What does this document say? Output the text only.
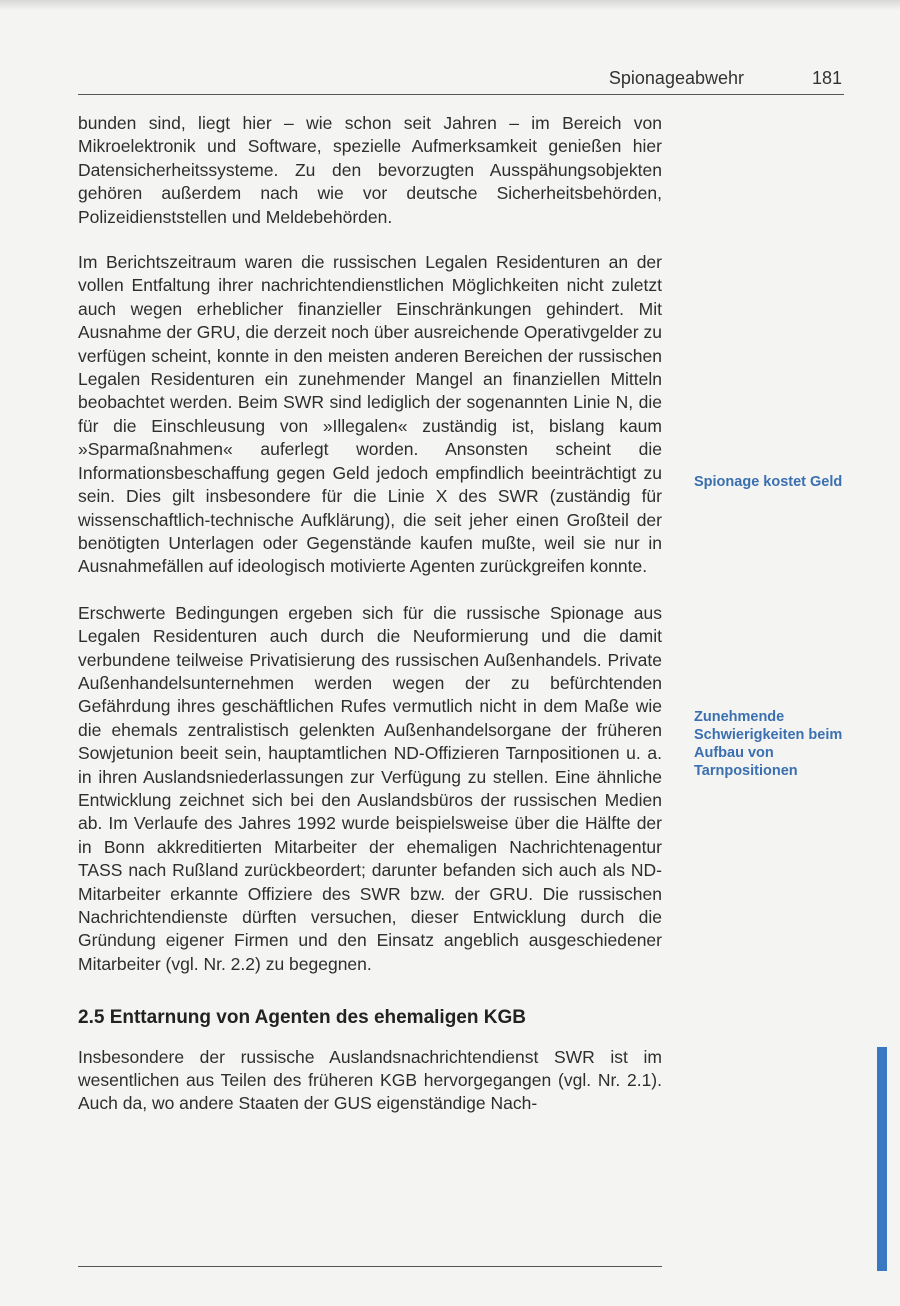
Spionageabwehr	181

bunden sind, liegt hier – wie schon seit Jahren – im Bereich von Mikroelektronik und Software, spezielle Aufmerksamkeit genießen hier Datensicherheitssysteme. Zu den bevorzugten Ausspähungsobjekten gehören außerdem nach wie vor deutsche Sicherheitsbehörden, Polizeidienststellen und Meldebehörden.

Im Berichtszeitraum waren die russischen Legalen Residenturen an der vollen Entfaltung ihrer nachrichtendienstlichen Möglichkeiten nicht zuletzt auch wegen erheblicher finanzieller Einschränkungen gehindert. Mit Ausnahme der GRU, die derzeit noch über ausreichende Operativgelder zu verfügen scheint, konnte in den meisten anderen Bereichen der russischen Legalen Residenturen ein zunehmender Mangel an finanziellen Mitteln beobachtet werden. Beim SWR sind lediglich der sogenannten Linie N, die für die Einschleusung von »Illegalen« zuständig ist, bislang kaum »Sparmaßnahmen« auferlegt worden. Ansonsten scheint die Informationsbeschaffung gegen Geld jedoch empfindlich beeinträchtigt zu sein. Dies gilt insbesondere für die Linie X des SWR (zuständig für wissenschaftlich-technische Aufklärung), die seit jeher einen Großteil der benötigten Unterlagen oder Gegenstände kaufen mußte, weil sie nur in Ausnahmefällen auf ideologisch motivierte Agenten zurückgreifen konnte.

Erschwerte Bedingungen ergeben sich für die russische Spionage aus Legalen Residenturen auch durch die Neuformierung und die damit verbundene teilweise Privatisierung des russischen Außenhandels. Private Außenhandelsunternehmen werden wegen der zu befürchtenden Gefährdung ihres geschäftlichen Rufes vermutlich nicht in dem Maße wie die ehemals zentralistisch gelenkten Außenhandelsorgane der früheren Sowjetunion beeit sein, hauptamtlichen ND-Offizieren Tarnpositionen u. a. in ihren Auslandsniederlassungen zur Verfügung zu stellen. Eine ähnliche Entwicklung zeichnet sich bei den Auslandsbüros der russischen Medien ab. Im Verlaufe des Jahres 1992 wurde beispielsweise über die Hälfte der in Bonn akkreditierten Mitarbeiter der ehemaligen Nachrichtenagentur TASS nach Rußland zurückbeordert; darunter befanden sich auch als ND-Mitarbeiter erkannte Offiziere des SWR bzw. der GRU. Die russischen Nachrichtendienste dürften versuchen, dieser Entwicklung durch die Gründung eigener Firmen und den Einsatz angeblich ausgeschiedener Mitarbeiter (vgl. Nr. 2.2) zu begegnen.

2.5 Enttarnung von Agenten des ehemaligen KGB

Insbesondere der russische Auslandsnachrichtendienst SWR ist im wesentlichen aus Teilen des früheren KGB hervorgegangen (vgl. Nr. 2.1). Auch da, wo andere Staaten der GUS eigenständige Nach-

Spionage kostet Geld
Zunehmende Schwierigkeiten beim Aufbau von Tarnpositionen
